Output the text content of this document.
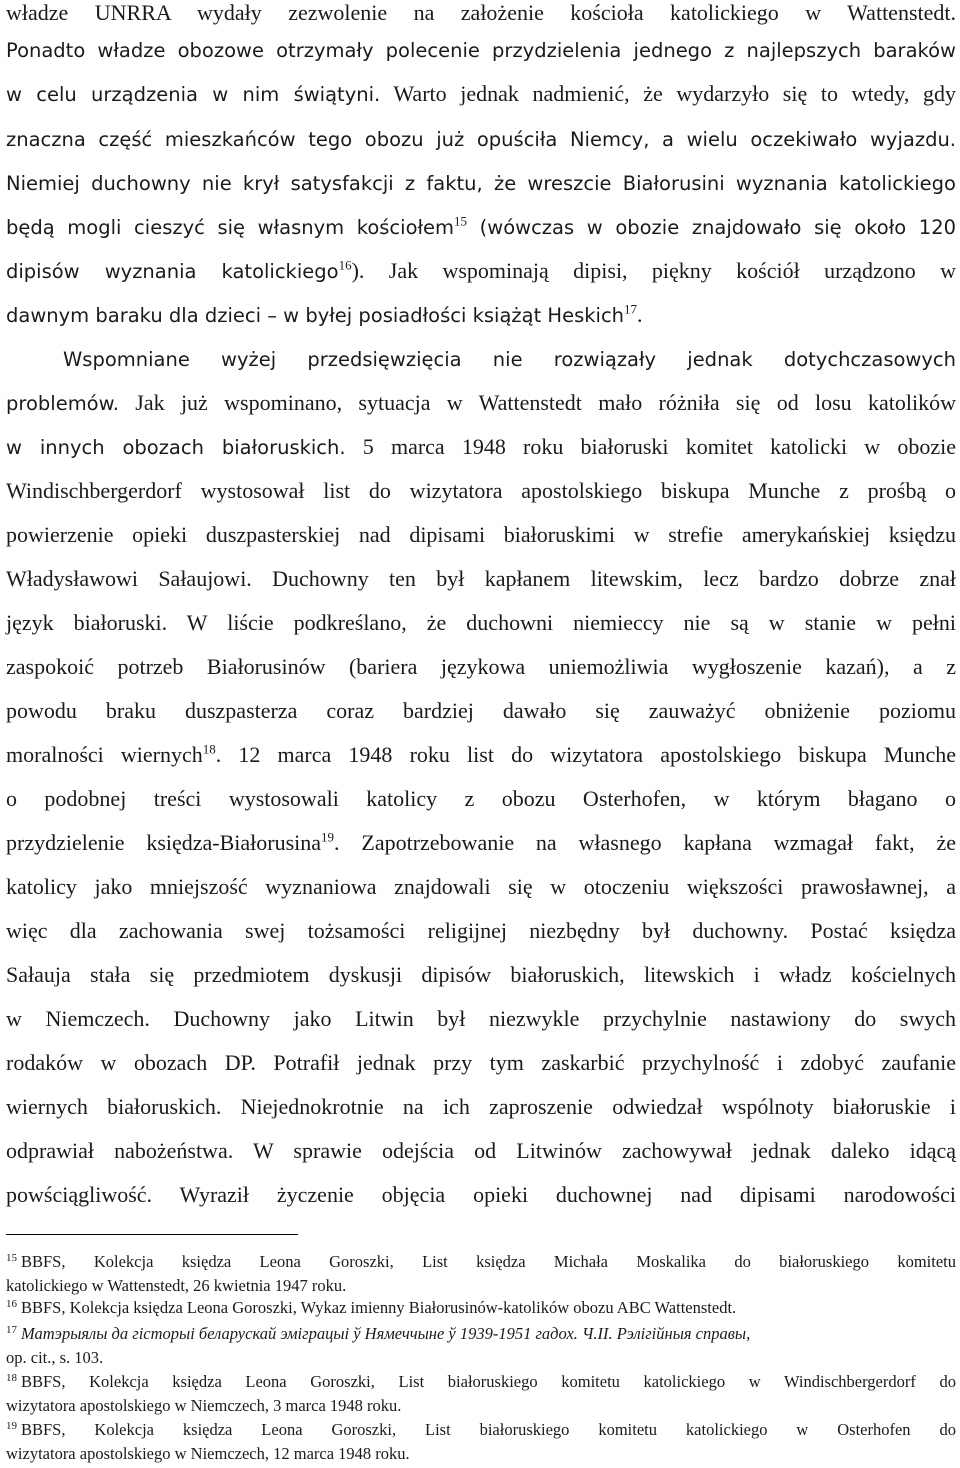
władze UNRRA wydały zezwolenie na założenie kościoła katolickiego w Wattenstedt.
Ponadto władze obozowe otrzymały polecenie przydzielenia jednego z najlepszych baraków
w celu urządzenia w nim świątyni. Warto jednak nadmienić, że wydarzyło się to wtedy, gdy
znaczna część mieszkańców tego obozu już opuściła Niemcy, a wielu oczekiwało wyjazdu.
Niemiej duchowny nie krył satysfakcji z faktu, że wreszcie Białorusini wyznania katolickiego
będą mogli cieszyć się własnym kościołem$^{15}$ (wówczas w obozie znajdowało się około 120
dipisów wyznania katolickiego$^{16}$). Jak wspominają dipisi, piękny kościół urządzono w
dawnym baraku dla dzieci – w byłej posiadłości książąt Heskich$^{17}$.
Wspomniane wyżej przedsięwzięcia nie rozwiązały jednak dotychczasowych
problemów. Jak już wspominano, sytuacja w Wattenstedt mało różniła się od losu katolików
w innych obozach białoruskich. 5 marca 1948 roku białoruski komitet katolicki w obozie
Windischbergerdorf wystosował list do wizytatora apostolskiego biskupa Munche z prośbą o
powierzenie opieki duszpasterskiej nad dipisami białoruskimi w strefie amerykańskiej księdzu
Władysławowi Sałaujowi. Duchowny ten był kapłanem litewskim, lecz bardzo dobrze znał
język białoruski. W liście podkreślano, że duchowni niemieccy nie są w stanie w pełni
zaspokoić potrzeb Białorusinów (bariera językowa uniemożliwia wygłoszenie kazań), a z
powodu braku duszpasterza coraz bardziej dawało się zauważyć obniżenie poziomu
moralności wiernych$^{18}$. 12 marca 1948 roku list do wizytatora apostolskiego biskupa Munche
o podobnej treści wystosowali katolicy z obozu Osterhofen, w którym błagano o
przydzielenie księdza-Białorusina$^{19}$. Zapotrzebowanie na własnego kapłana wzmagał fakt, że
katolicy jako mniejszość wyznaniowa znajdowali się w otoczeniu większości prawosławnej, a
więc dla zachowania swej tożsamości religijnej niezbędny był duchowny. Postać księdza
Sałauja stała się przedmiotem dyskusji dipisów białoruskich, litewskich i władz kościelnych
w Niemczech. Duchowny jako Litwin był niezwykle przychylnie nastawiony do swych
rodaków w obozach DP. Potrafił jednak przy tym zaskarbić przychylność i zdobyć zaufanie
wiernych białoruskich. Niejednokrotnie na ich zaproszenie odwiedzał wspólnoty białoruskie i
odprawiał nabożeństwa. W sprawie odejścia od Litwinów zachowywał jednak daleko idącą
powściągliwość. Wyraził życzenie objęcia opieki duchownej nad dipisami narodowości
$^{15}$ BBFS, Kolekcja księdza Leona Goroszki, List księdza Michała Moskalika do białoruskiego komitetu
katolickiego w Wattenstedt, 26 kwietnia 1947 roku.
$^{16}$ BBFS, Kolekcja księdza Leona Goroszki, Wykaz imienny Białorusinów-katolików obozu ABC Wattenstedt.
$^{17}$ Матэрыялы да гісторыі беларускай эміграцыі ў Нямеччыне ў 1939-1951 гадох. Ч.II. Рэлігійныя справы,
op. cit., s. 103.
$^{18}$ BBFS, Kolekcja księdza Leona Goroszki, List białoruskiego komitetu katolickiego w Windischbergerdorf do
wizytatora apostolskiego w Niemczech, 3 marca 1948 roku.
$^{19}$ BBFS, Kolekcja księdza Leona Goroszki, List białoruskiego komitetu katolickiego w Osterhofen do
wizytatora apostolskiego w Niemczech, 12 marca 1948 roku.
